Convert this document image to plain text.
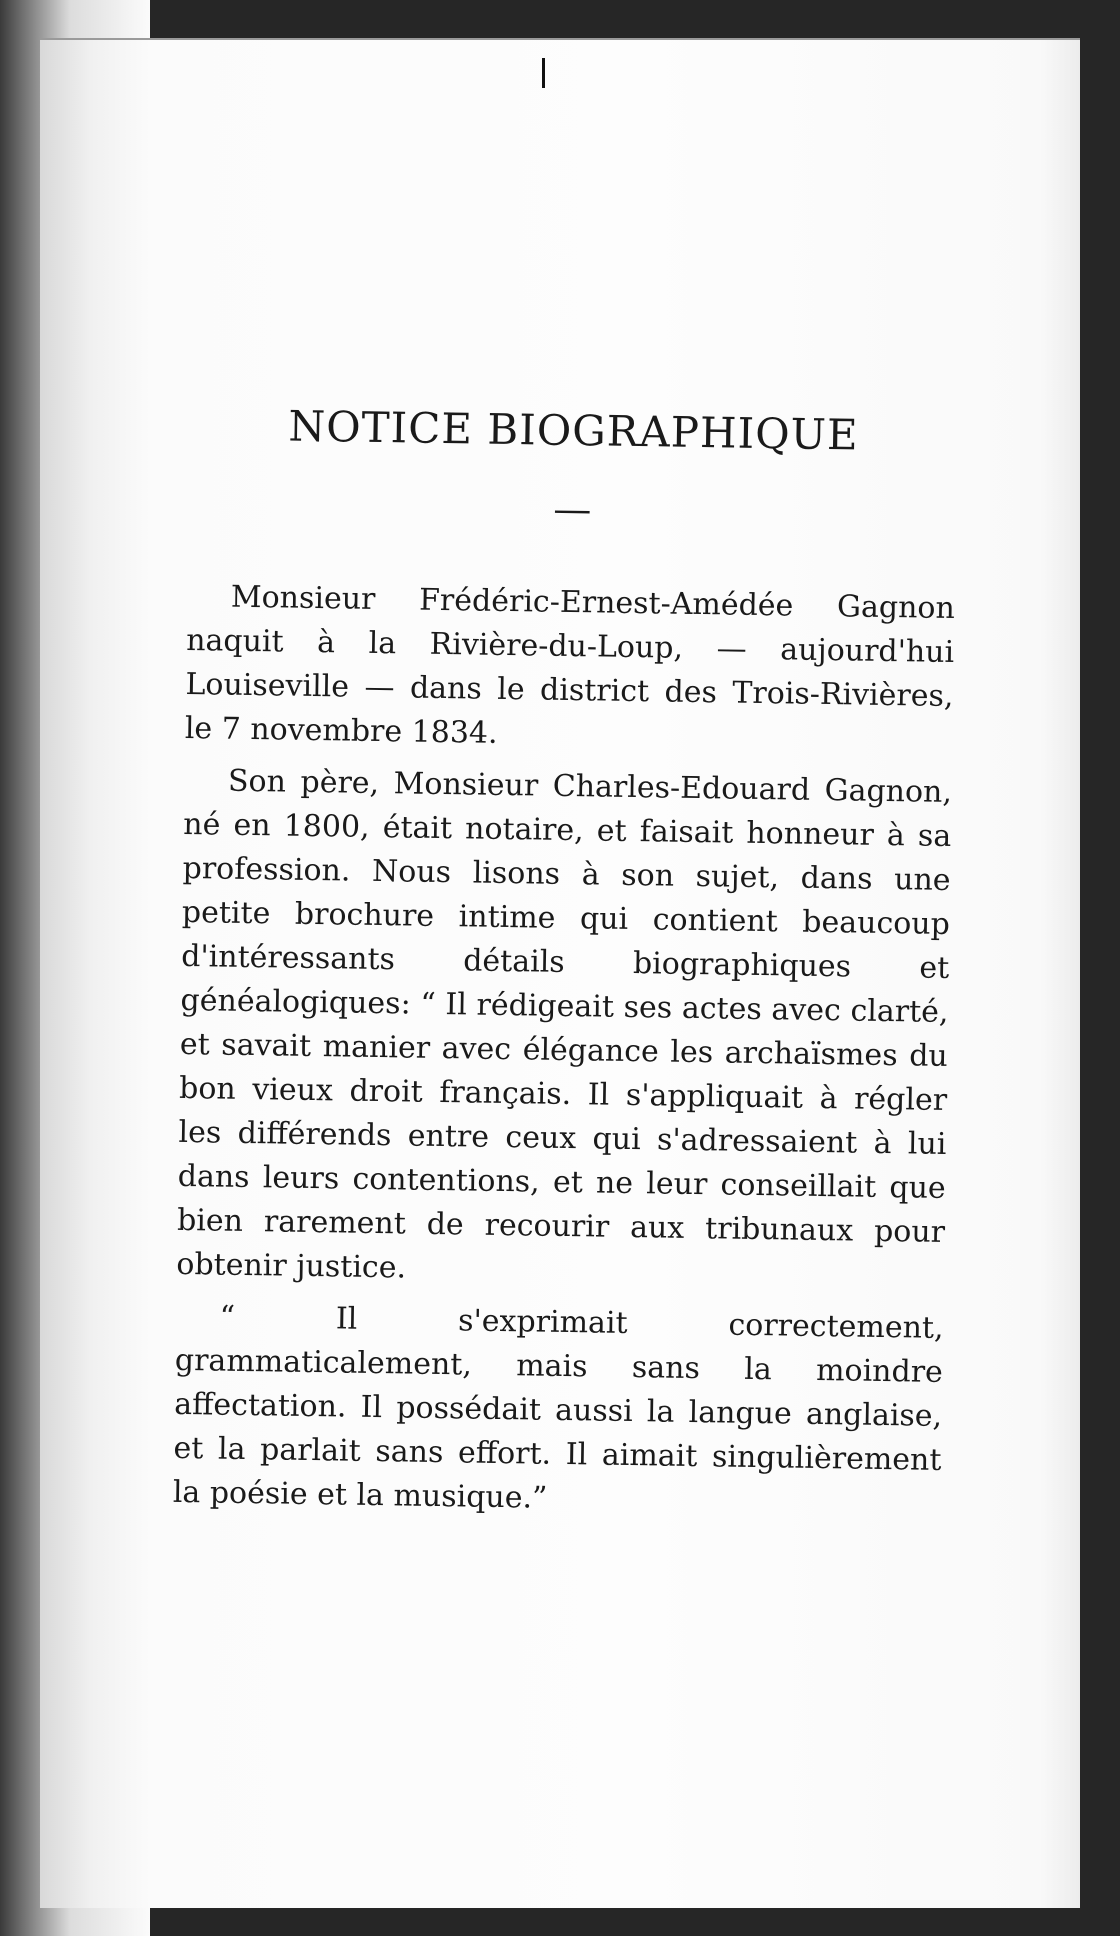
NOTICE BIOGRAPHIQUE
—

Monsieur Frédéric-Ernest-Amédée Gagnon naquit à la Rivière-du-Loup, — aujourd'hui Louiseville — dans le district des Trois-Rivières, le 7 novembre 1834.

Son père, Monsieur Charles-Edouard Gagnon, né en 1800, était notaire, et faisait honneur à sa profession. Nous lisons à son sujet, dans une petite brochure intime qui contient beaucoup d'intéressants détails biographiques et généalogiques: “ Il rédigeait ses actes avec clarté, et savait manier avec élégance les archaïsmes du bon vieux droit français. Il s'appliquait à régler les différends entre ceux qui s'adressaient à lui dans leurs contentions, et ne leur conseillait que bien rarement de recourir aux tribunaux pour obtenir justice.

“ Il s'exprimait correctement, grammaticalement, mais sans la moindre affectation. Il possédait aussi la langue anglaise, et la parlait sans effort. Il aimait singulièrement la poésie et la musique.”
